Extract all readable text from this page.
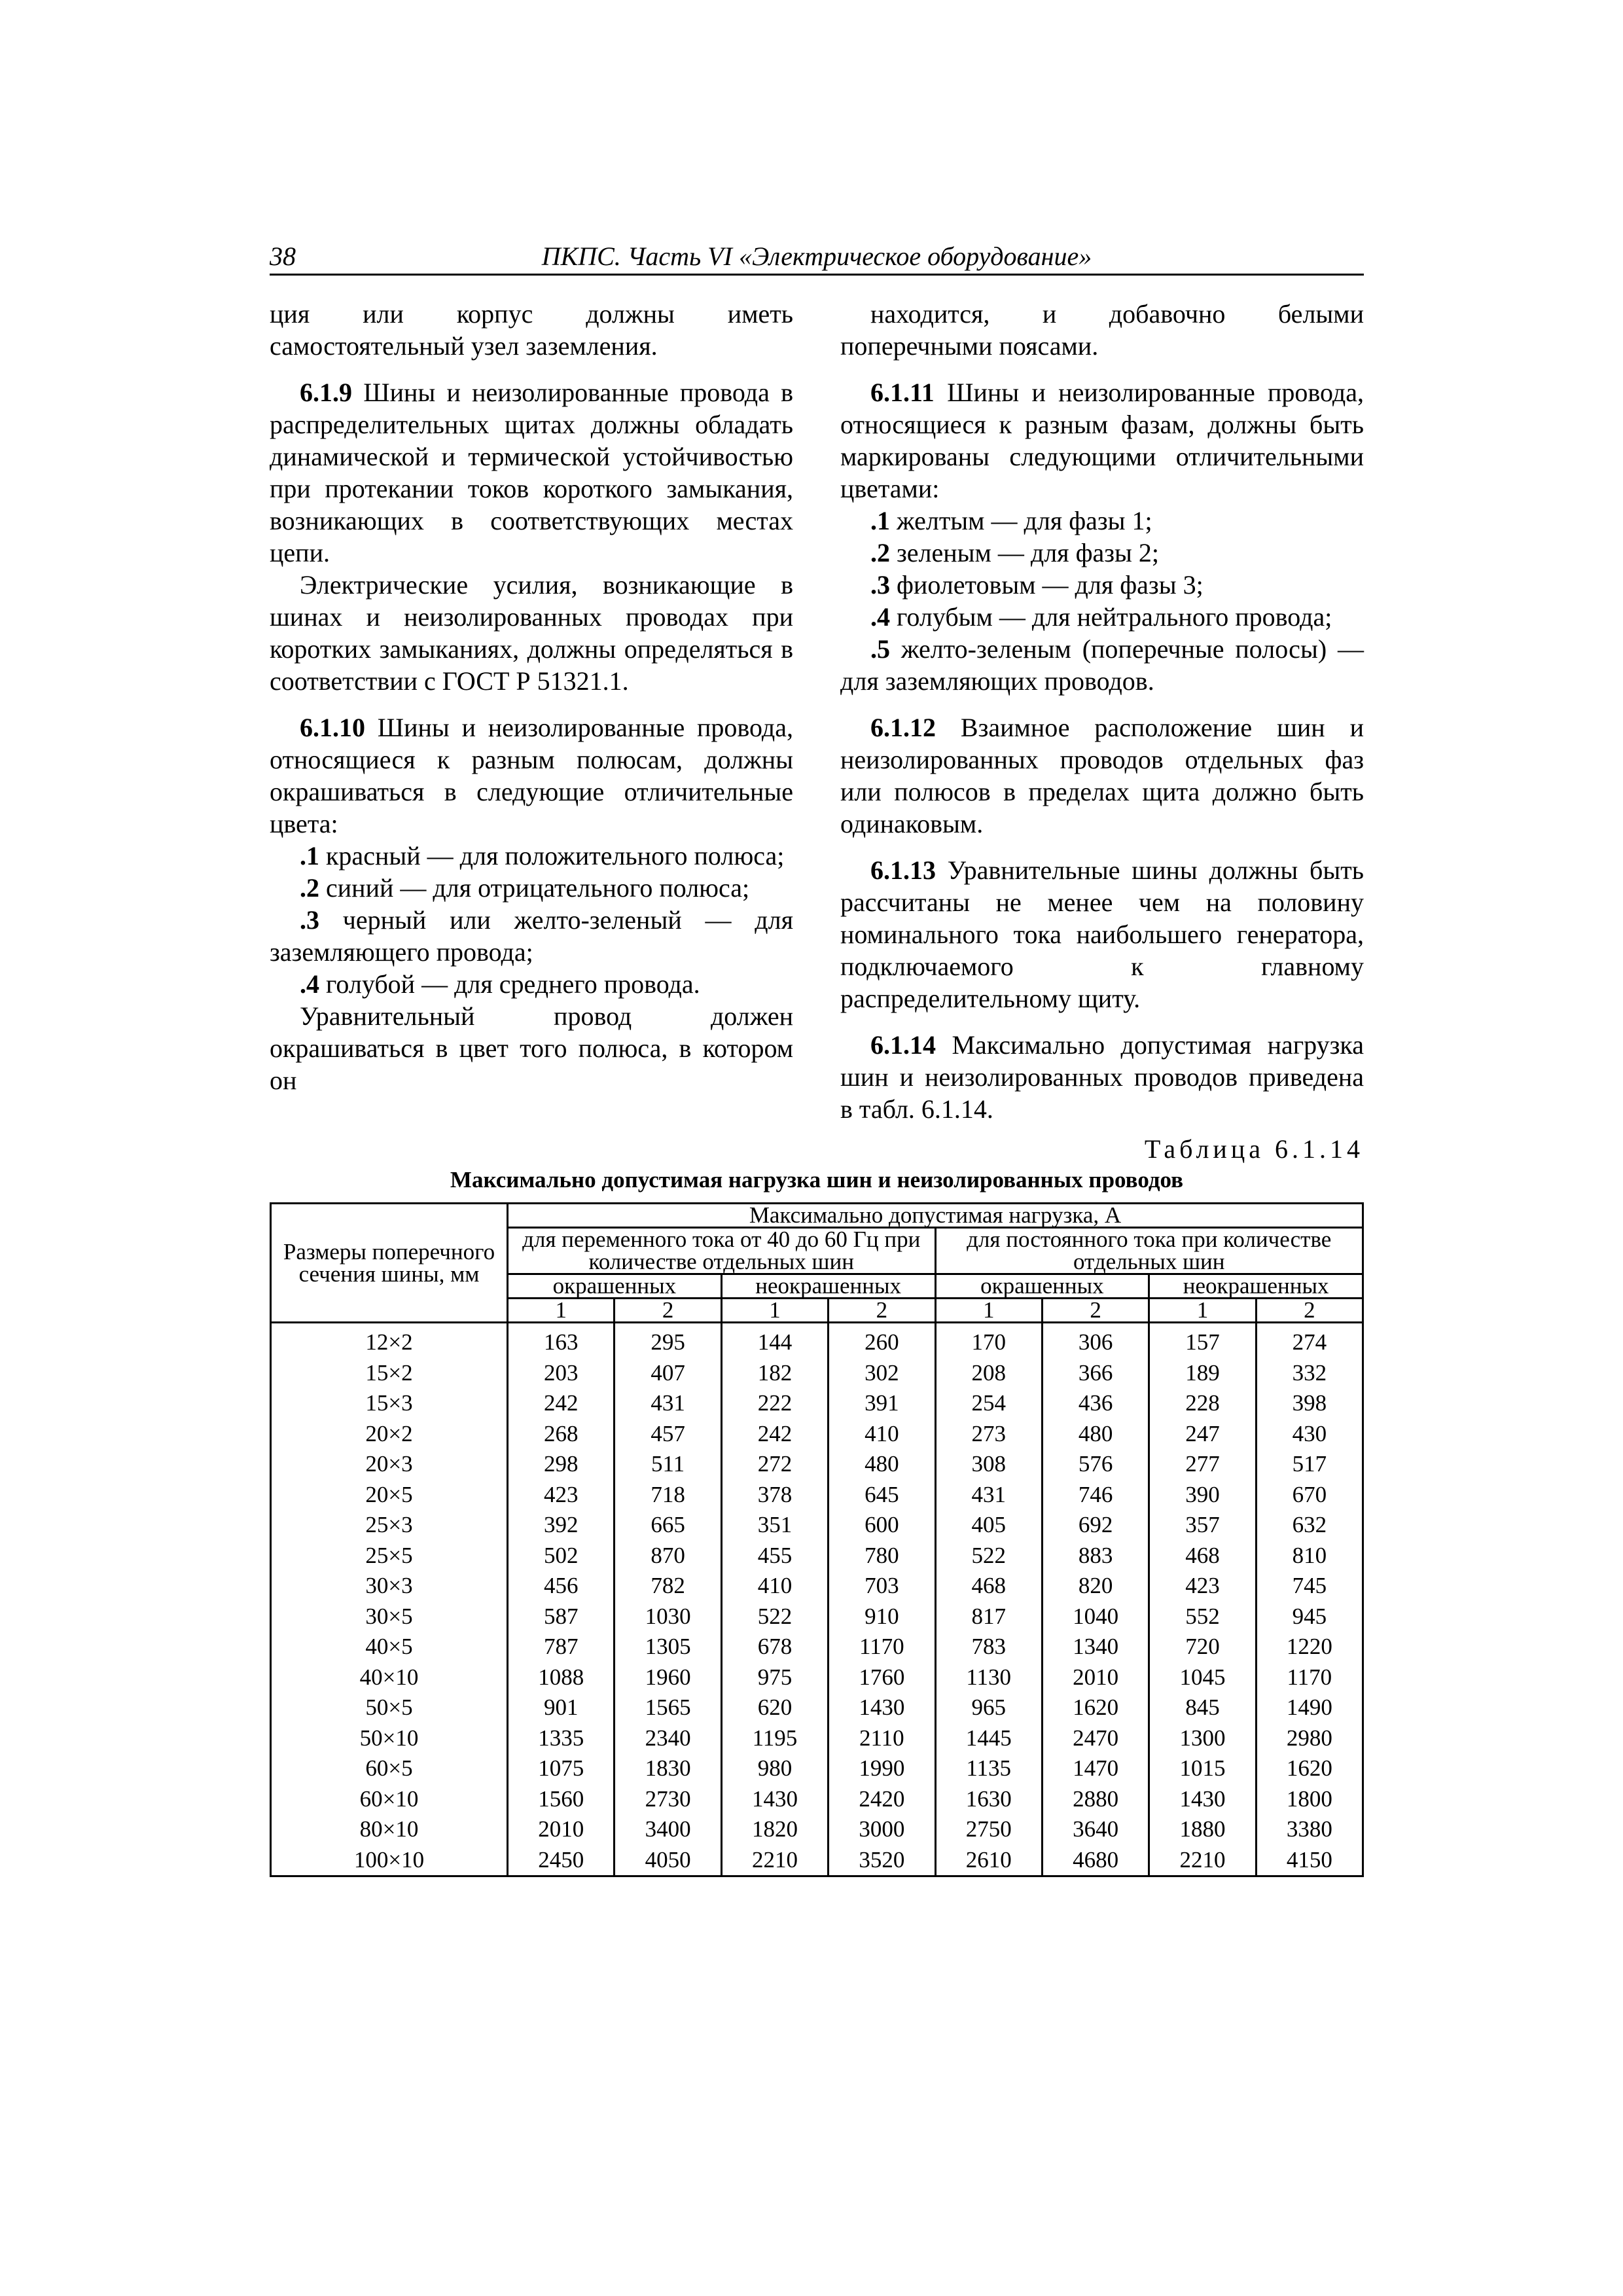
38	ПКПС. Часть VI «Электрическое оборудование»

ция или корпус должны иметь самостоятельный узел заземления.

6.1.9 Шины и неизолированные провода в распределительных щитах должны обладать динамической и термической устойчивостью при протекании токов короткого замыкания, возникающих в соответствующих местах цепи.

Электрические усилия, возникающие в шинах и неизолированных проводах при коротких замыканиях, должны определяться в соответствии с ГОСТ Р 51321.1.

6.1.10 Шины и неизолированные провода, относящиеся к разным полюсам, должны окрашиваться в следующие отличительные цвета:

.1 красный — для положительного полюса;

.2 синий — для отрицательного полюса;

.3 черный или желто-зеленый — для заземляющего провода;

.4 голубой — для среднего провода.

Уравнительный провод должен окрашиваться в цвет того полюса, в котором он

находится, и добавочно белыми поперечными поясами.

6.1.11 Шины и неизолированные провода, относящиеся к разным фазам, должны быть маркированы следующими отличительными цветами:

.1 желтым — для фазы 1;

.2 зеленым — для фазы 2;

.3 фиолетовым — для фазы 3;

.4 голубым — для нейтрального провода;

.5 желто-зеленым (поперечные полосы) — для заземляющих проводов.

6.1.12 Взаимное расположение шин и неизолированных проводов отдельных фаз или полюсов в пределах щита должно быть одинаковым.

6.1.13 Уравнительные шины должны быть рассчитаны не менее чем на половину номинального тока наибольшего генератора, подключаемого к главному распределительному щиту.

6.1.14 Максимально допустимая нагрузка шин и неизолированных проводов приведена в табл. 6.1.14.

Таблица 6.1.14
Максимально допустимая нагрузка шин и неизолированных проводов
Размеры поперечного сечения шины, мм	Максимально допустимая нагрузка, А							
	для переменного тока от 40 до 60 Гц при количестве отдельных шин				для постоянного тока при количестве отдельных шин			
	окрашенных		неокрашенных		окрашенных		неокрашенных	
	1	2	1	2	1	2	1	2
12×2	163	295	144	260	170	306	157	274
15×2	203	407	182	302	208	366	189	332
15×3	242	431	222	391	254	436	228	398
20×2	268	457	242	410	273	480	247	430
20×3	298	511	272	480	308	576	277	517
20×5	423	718	378	645	431	746	390	670
25×3	392	665	351	600	405	692	357	632
25×5	502	870	455	780	522	883	468	810
30×3	456	782	410	703	468	820	423	745
30×5	587	1030	522	910	817	1040	552	945
40×5	787	1305	678	1170	783	1340	720	1220
40×10	1088	1960	975	1760	1130	2010	1045	1170
50×5	901	1565	620	1430	965	1620	845	1490
50×10	1335	2340	1195	2110	1445	2470	1300	2980
60×5	1075	1830	980	1990	1135	1470	1015	1620
60×10	1560	2730	1430	2420	1630	2880	1430	1800
80×10	2010	3400	1820	3000	2750	3640	1880	3380
100×10	2450	4050	2210	3520	2610	4680	2210	4150
